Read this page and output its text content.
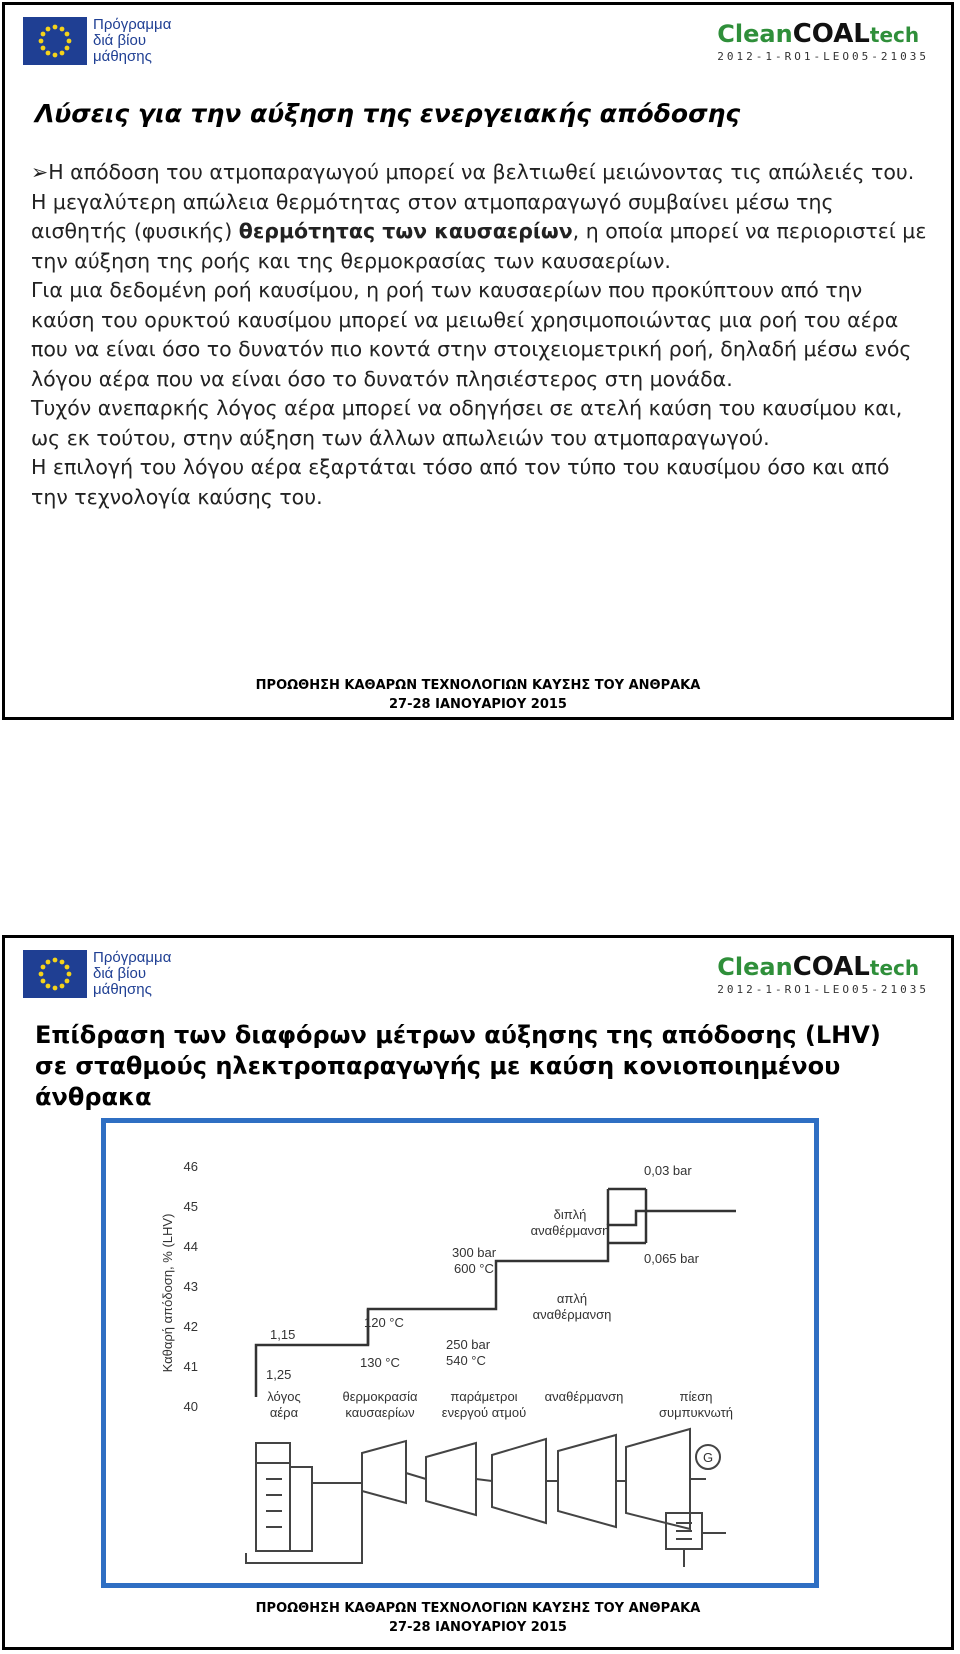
Πρόγραμμα
διά βίου
μάθησης
CleanCOALtech
2012-1-RO1-LEO05-21035
Λύσεις για την αύξηση της ενεργειακής απόδοσης

➢Η απόδοση του ατμοπαραγωγού μπορεί να βελτιωθεί μειώνοντας τις απώλειές του.

Η μεγαλύτερη απώλεια θερμότητας στον ατμοπαραγωγό συμβαίνει μέσω της αισθητής (φυσικής) θερμότητας των καυσαερίων, η οποία μπορεί να περιοριστεί με την αύξηση της ροής και της θερμοκρασίας των καυσαερίων.

Για μια δεδομένη ροή καυσίμου, η ροή των καυσαερίων που προκύπτουν από την καύση του ορυκτού καυσίμου μπορεί να μειωθεί χρησιμοποιώντας μια ροή του αέρα που να είναι όσο το δυνατόν πιο κοντά στην στοιχειομετρική ροή, δηλαδή μέσω ενός λόγου αέρα που να είναι όσο το δυνατόν πλησιέστερος στη μονάδα.

Τυχόν ανεπαρκής λόγος αέρα μπορεί να οδηγήσει σε ατελή καύση του καυσίμου και, ως εκ τούτου, στην αύξηση των άλλων απωλειών του ατμοπαραγωγού.

Η επιλογή του λόγου αέρα εξαρτάται τόσο από τον τύπο του καυσίμου όσο και από την τεχνολογία καύσης του.

ΠΡΟΩΘΗΣΗ ΚΑΘΑΡΩΝ ΤΕΧΝΟΛΟΓΙΩΝ ΚΑΥΣΗΣ ΤΟΥ ΑΝΘΡΑΚΑ
27-28 ΙΑΝΟΥΑΡΙΟΥ 2015
Πρόγραμμα
διά βίου
μάθησης
CleanCOALtech
2012-1-RO1-LEO05-21035
Επίδραση των διαφόρων μέτρων αύξησης της απόδοσης (LHV) σε σταθμούς ηλεκτροπαραγωγής με καύση κονιοποιημένου άνθρακα
Καθαρή απόδοση, % (LHV)
46
45
44
43
42
41
40
1,15
1,25
120 °C
130 °C
300 bar
600 °C
250 bar
540 °C
διπλή
αναθέρμανση
απλή
αναθέρμανση
0,03 bar
0,065 bar
λόγος
αέρα
θερμοκρασία
καυσαερίων
παράμετροι
ενεργού ατμού
αναθέρμανση	πίεση
συμπυκνωτή
G
ΠΡΟΩΘΗΣΗ ΚΑΘΑΡΩΝ ΤΕΧΝΟΛΟΓΙΩΝ ΚΑΥΣΗΣ ΤΟΥ ΑΝΘΡΑΚΑ
27-28 ΙΑΝΟΥΑΡΙΟΥ 2015
